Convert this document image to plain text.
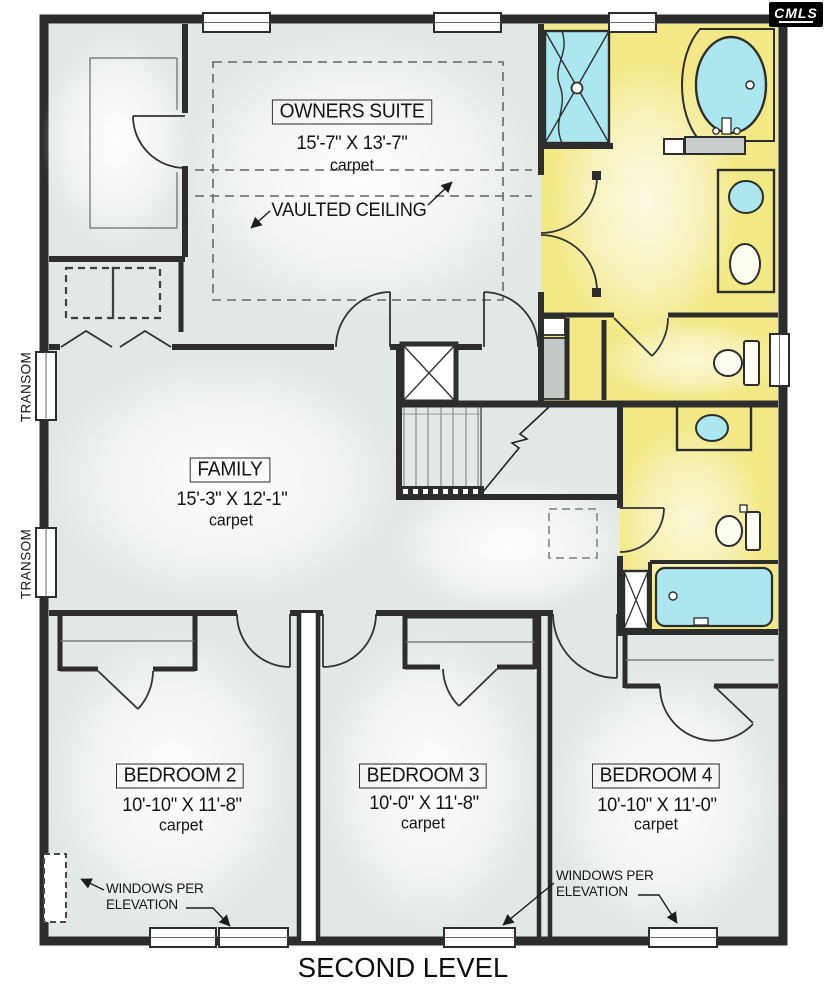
OWNERS SUITE
15'-7" X 13'-7"
carpet
VAULTED CEILING
FAMILY
15'-3" X 12'-1"
carpet
BEDROOM 2
10'-10" X 11'-8"
carpet
BEDROOM 3
10'-0" X 11'-8"
carpet
BEDROOM 4
10'-10" X 11'-0"
carpet
TRANSOM
TRANSOM
WINDOWS PER
ELEVATION
WINDOWS PER
ELEVATION
SECOND LEVEL
CMLS
